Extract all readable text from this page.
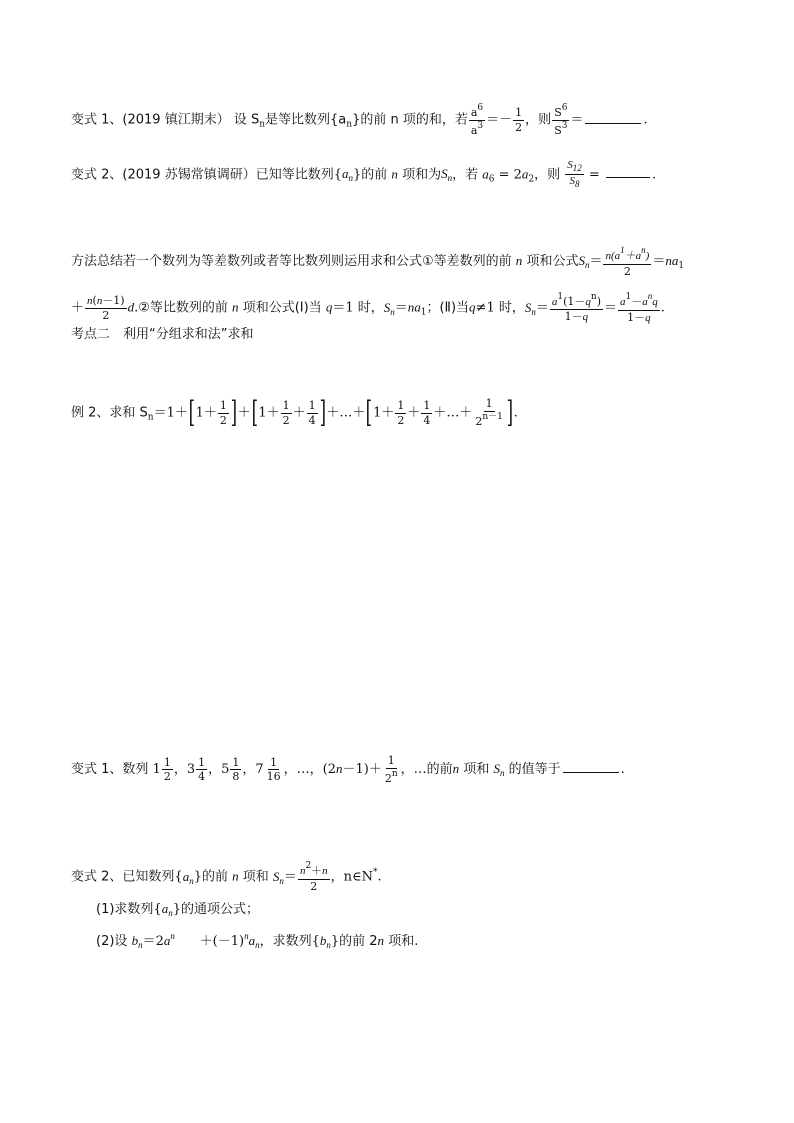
变式 1、(2019 镇江期末） 设 $S_n$是等比数列$\{a_n\}$的前 n 项的和，若 $\frac{a^6}{a^3} =- \frac{1}{2}$ ，则 $\frac{S^6}{S^3}$ ＝	.
变式 2、(2019 苏锡常镇调研）已知等比数列$\{a_n\}$的前 n 项和为$S_n$，若 $a_6 = 2a_2$，则 $\frac{S_{12}}{S_8}$ =	.
方法总结若一个数列为等差数列或者等比数列则运用求和公式①等差数列的前 n 项和公式$S_n= \frac{n(a^1+a^n)}{2} =na_1$
＋ $\frac{n(n-1)}{2}$ d.②等比数列的前 n 项和公式(Ⅰ)当 q＝1 时，$S_n=na_1$；(Ⅱ)当q≠1 时，$S_n= \frac{a^1(1-q^n)}{1-q} = \frac{a^1-a^nq}{1-q}$ .
考点二　利用“分组求和法”求和
例 2、求和 $S_n=1+[1+ \frac{1}{2} ]+[1+ \frac{1}{2} + \frac{1}{4}$ ]＋…＋[1＋ $\frac{1}{2} + \frac{1}{4}$ ＋…＋ $\frac{1}{2^{n-1}}$ ].
变式 1、数列 $1 \frac{1}{2}$ ，$3 \frac{1}{4}$ ，$5 \frac{1}{8}$ ，$7 \frac{1}{16}$ ，…，$(2n-1)+ \frac{1}{2^n}$ ，…的前n 项和 $S_n$ 的值等于	.
变式 2、已知数列$\{a_n\}$的前 n 项和 $S_n= \frac{n^2+n}{2}$ ，n∈N*.
(1)求数列$\{a_n\}$的通项公式；
(2)设 $b_n=2a^n$      $+(-1)^na_n$，求数列$\{b_n\}$的前 2n 项和.
